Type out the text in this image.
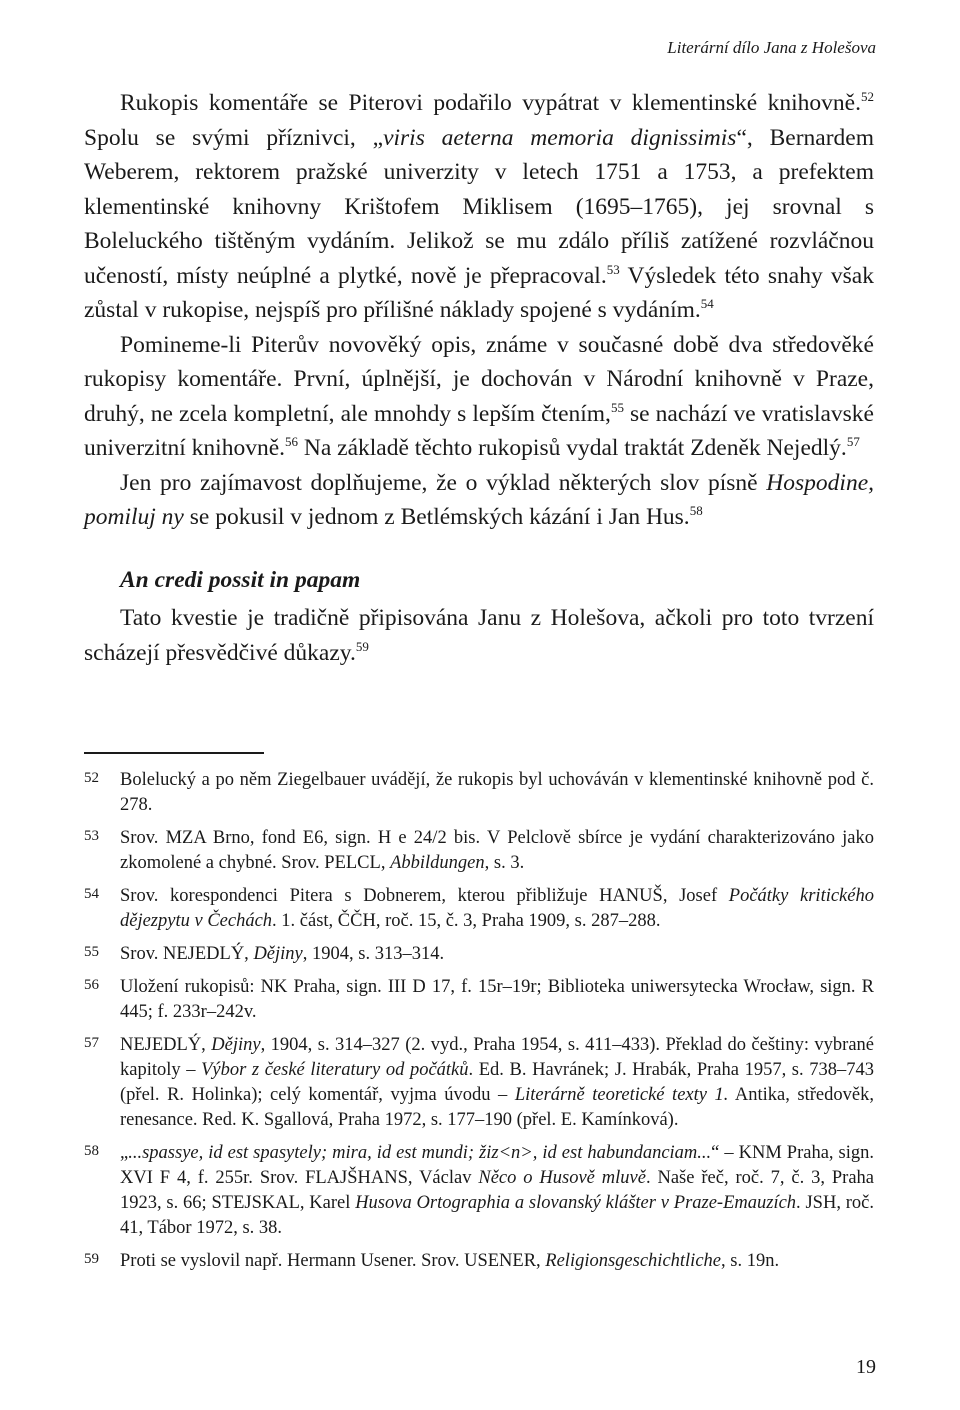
Literární dílo Jana z Holešova

Rukopis komentáře se Piterovi podařilo vypátrat v klementinské knihovně.$^{52}$ Spolu se svými příznivci, „viris aeterna memoria dignissimis“, Bernardem Weberem, rektorem pražské univerzity v letech 1751 a 1753, a prefektem klementinské knihovny Krištofem Miklisem (1695–1765), jej srovnal s Boleluckého tištěným vydáním. Jelikož se mu zdálo příliš zatížené rozvláčnou učeností, místy neúplné a plytké, nově je přepracoval.$^{53}$ Výsledek této snahy však zůstal v rukopise, nejspíš pro přílišné náklady spojené s vydáním.$^{54}$

Pomineme-li Piterův novověký opis, známe v současné době dva středověké rukopisy komentáře. První, úplnější, je dochován v Národní knihovně v Praze, druhý, ne zcela kompletní, ale mnohdy s lepším čtením,$^{55}$ se nachází ve vratislavské univerzitní knihovně.$^{56}$ Na základě těchto rukopisů vydal traktát Zdeněk Nejedlý.$^{57}$

Jen pro zajímavost doplňujeme, že o výklad některých slov písně Hospodine, pomiluj ny se pokusil v jednom z Betlémských kázání i Jan Hus.$^{58}$

An credi possit in papam

Tato kvestie je tradičně připisována Janu z Holešova, ačkoli pro toto tvrzení scházejí přesvědčivé důkazy.$^{59}$

52	Bolelucký a po něm Ziegelbauer uvádějí, že rukopis byl uchováván v klementinské knihovně pod č. 278.
53	Srov. MZA Brno, fond E6, sign. H e 24/2 bis. V Pelclově sbírce je vydání charakterizováno jako zkomolené a chybné. Srov. PELCL, Abbildungen, s. 3.
54	Srov. korespondenci Pitera s Dobnerem, kterou přibližuje HANUŠ, Josef Počátky kritického dějezpytu v Čechách. 1. část, ČČH, roč. 15, č. 3, Praha 1909, s. 287–288.
55	Srov. NEJEDLÝ, Dějiny, 1904, s. 313–314.
56	Uložení rukopisů: NK Praha, sign. III D 17, f. 15r–19r; Biblioteka uniwersytecka Wrocław, sign. R 445; f. 233r–242v.
57	NEJEDLÝ, Dějiny, 1904, s. 314–327 (2. vyd., Praha 1954, s. 411–433). Překlad do češtiny: vybrané kapitoly – Výbor z české literatury od počátků. Ed. B. Havránek; J. Hrabák, Praha 1957, s. 738–743 (přel. R. Holinka); celý komentář, vyjma úvodu – Literárně teoretické texty 1. Antika, středověk, renesance. Red. K. Sgallová, Praha 1972, s. 177–190 (přel. E. Kamínková).
58	„...spassye, id est spasytely; mira, id est mundi; žiz<n>, id est habundanciam...“ – KNM Praha, sign. XVI F 4, f. 255r. Srov. FLAJŠHANS, Václav Něco o Husově mluvě. Naše řeč, roč. 7, č. 3, Praha 1923, s. 66; STEJSKAL, Karel Husova Ortographia a slovanský klášter v Praze-Emauzích. JSH, roč. 41, Tábor 1972, s. 38.
59	Proti se vyslovil např. Hermann Usener. Srov. USENER, Religionsgeschichtliche, s. 19n.
19
